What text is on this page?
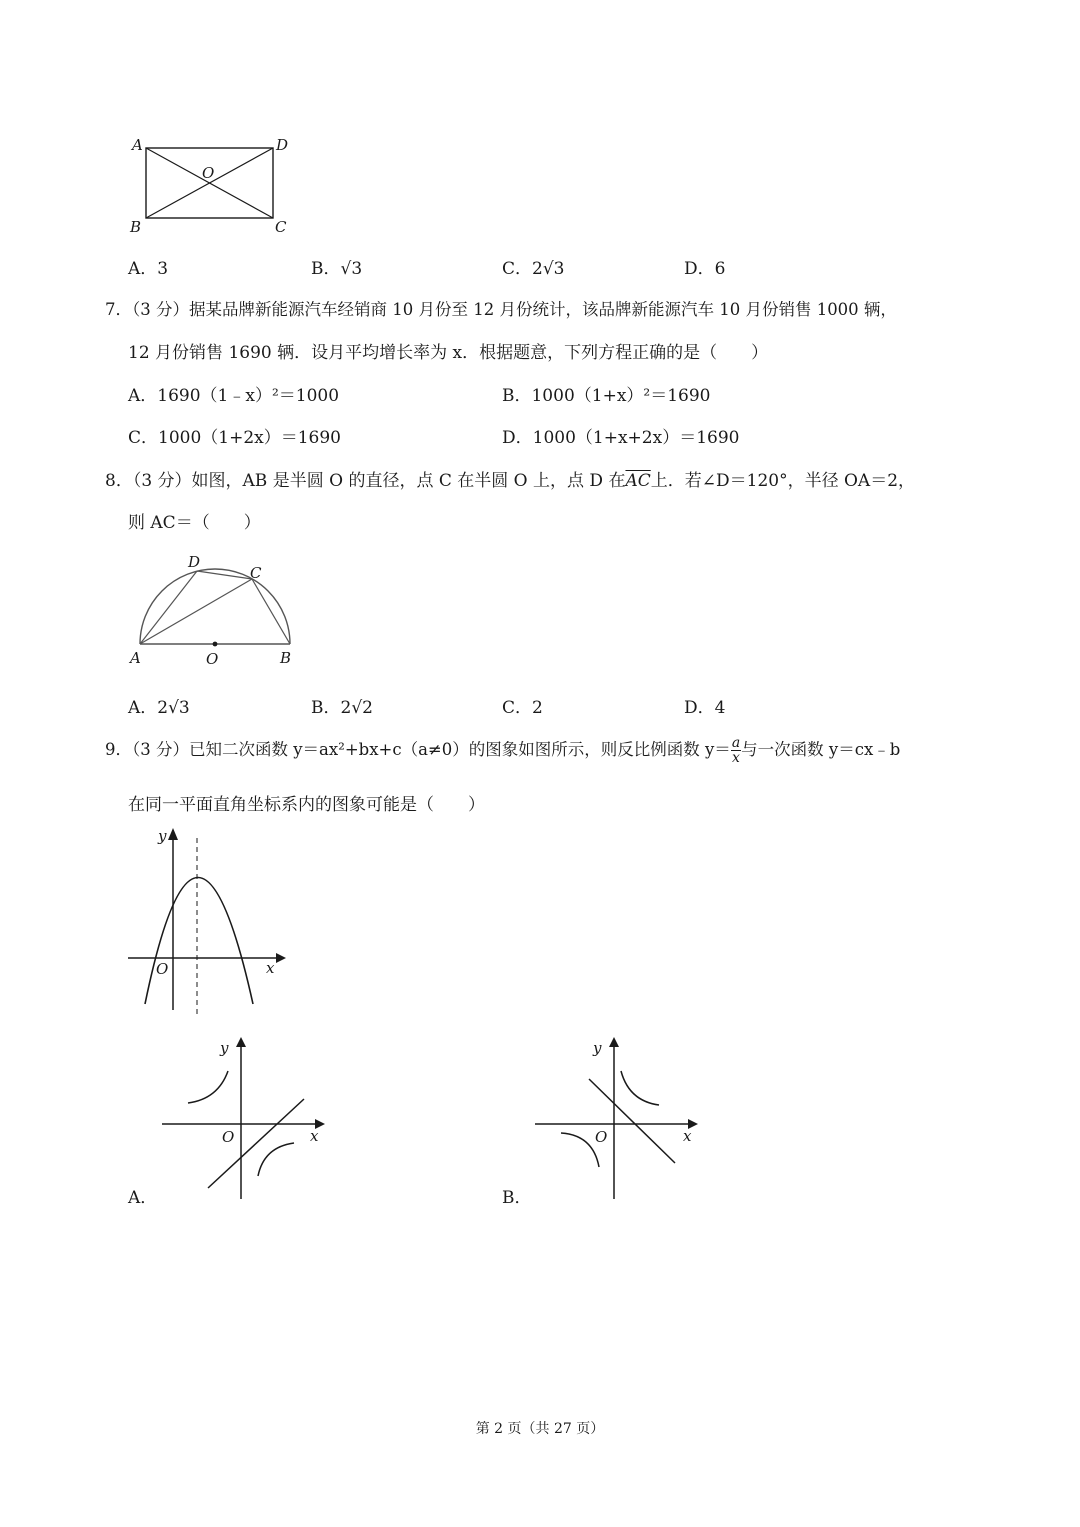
A	D
O
B	C
A．3	B．√3	C．2√3	D．6
7．（3 分）据某品牌新能源汽车经销商 10 月份至 12 月份统计，该品牌新能源汽车 10 月份销售 1000 辆，
12 月份销售 1690 辆．设月平均增长率为 x．根据题意，下列方程正确的是（　　）
A．1690（1﹣x）²＝1000	B．1000（1+x）²＝1690
C．1000（1+2x）＝1690	D．1000（1+x+2x）＝1690
8．（3 分）如图，AB 是半圆 O 的直径，点 C 在半圆 O 上，点 D 在$\overline{AC}$上．若∠D＝120°，半径 OA＝2，
则 AC＝（　　）
D
C
A	O	B
A．2√3	B．2√2	C．2	D．4
9．（3 分）已知二次函数 y＝ax²+bx+c（a≠0）的图象如图所示，则反比例函数 $y= \frac{a}{x}$ 与一次函数 y＝cx﹣b
在同一平面直角坐标系内的图象可能是（　　）
y
x
O
y
x
O
A．
y
x
O
B．
第 2 页（共 27 页）
